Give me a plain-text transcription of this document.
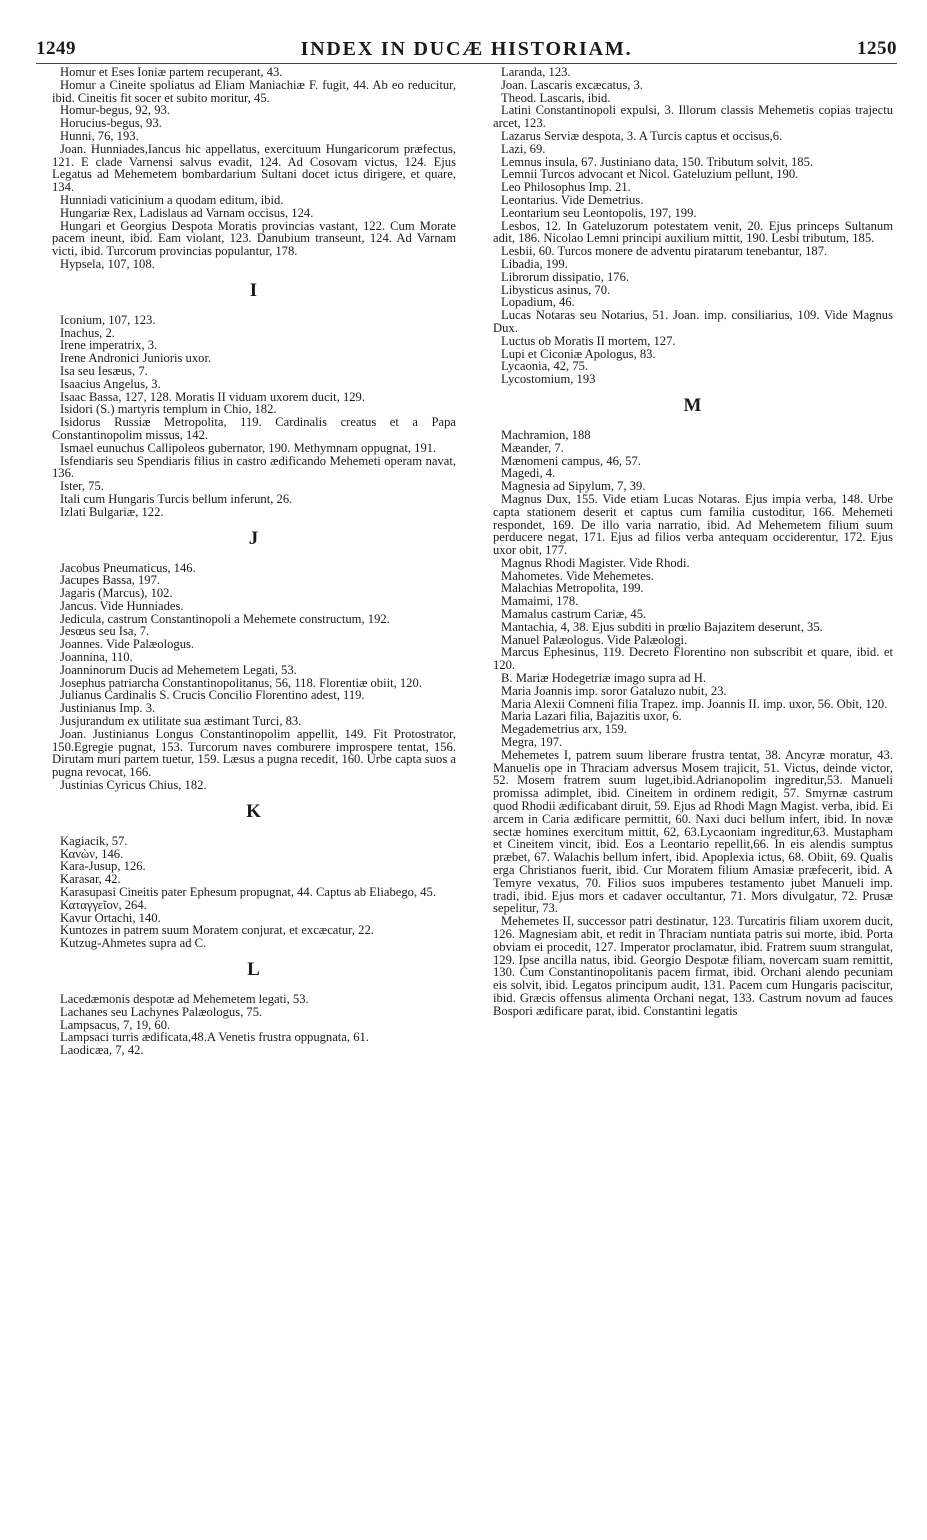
1249	INDEX IN DUCÆ HISTORIAM.	1250
Homur et Eses Ioniæ partem recuperant, 43.
Homur a Cineite spoliatus ad Eliam Maniachiæ F. fugit, 44. Ab eo reducitur, ibid. Cineitis fit socer et subito moritur, 45.
Homur-begus, 92, 93.
Horucius-begus, 93.
Hunni, 76, 193.
Joan. Hunniades,Iancus hic appellatus, exercituum Hungaricorum præfectus, 121. E clade Varnensi salvus evadit, 124. Ad Cosovam victus, 124. Ejus Legatus ad Mehemetem bombardarium Sultani docet ictus dirigere, et quare, 134.
Hunniadi vaticinium a quodam editum, ibid.
Hungariæ Rex, Ladislaus ad Varnam occisus, 124.
Hungari et Georgius Despota Moratis provincias vastant, 122. Cum Morate pacem ineunt, ibid. Eam violant, 123. Danubium transeunt, 124. Ad Varnam victi, ibid. Turcorum provincias populantur, 178.
Hypsela, 107, 108.
I
Iconium, 107, 123.
Inachus, 2.
Irene imperatrix, 3.
Irene Andronici Junioris uxor.
Isa seu Iesæus, 7.
Isaacius Angelus, 3.
Isaac Bassa, 127, 128. Moratis II viduam uxorem ducit, 129.
Isidori (S.) martyris templum in Chio, 182.
Isidorus Russiæ Metropolita, 119. Cardinalis creatus et a Papa Constantinopolim missus, 142.
Ismael eunuchus Callipoleos gubernator, 190. Methymnam oppugnat, 191.
Isfendiaris seu Spendiaris filius in castro ædificando Mehemeti operam navat, 136.
Ister, 75.
Itali cum Hungaris Turcis bellum inferunt, 26.
Izlati Bulgariæ, 122.
J
Jacobus Pneumaticus, 146.
Jacupes Bassa, 197.
Jagaris (Marcus), 102.
Jancus. Vide Hunniades.
Jedicula, castrum Constantinopoli a Mehemete constructum, 192.
Jesœus seu Isa, 7.
Joannes. Vide Palæologus.
Joannina, 110.
Joanninorum Ducis ad Mehemetem Legati, 53.
Josephus patriarcha Constantinopolitanus, 56, 118. Florentiæ obiit, 120.
Julianus Cardinalis S. Crucis Concilio Florentino adest, 119.
Justinianus Imp. 3.
Jusjurandum ex utilitate sua æstimant Turci, 83.
Joan. Justinianus Longus Constantinopolim appellit, 149. Fit Protostrator, 150.Egregie pugnat, 153. Turcorum naves comburere improspere tentat, 156. Dirutam muri partem tuetur, 159. Læsus a pugna recedit, 160. Urbe capta suos a pugna revocat, 166.
Justinias Cyricus Chius, 182.
K
Kagiacik, 57.
Κανὼν, 146.
Kara-Jusup, 126.
Karasar, 42.
Karasupasi Cineitis pater Ephesum propugnat, 44. Captus ab Eliabego, 45.
Καταγγεῖον, 264.
Kavur Ortachi, 140.
Kuntozes in patrem suum Moratem conjurat, et excæcatur, 22.
Kutzug-Ahmetes supra ad C.
L
Lacedæmonis despotæ ad Mehemetem legati, 53.
Lachanes seu Lachynes Palæologus, 75.
Lampsacus, 7, 19, 60.
Lampsaci turris ædificata,48.A Venetis frustra oppugnata, 61.
Laodicæa, 7, 42.
Laranda, 123.
Joan. Lascaris excæcatus, 3.
Theod. Lascaris, ibid.
Latini Constantinopoli expulsi, 3. Illorum classis Mehemetis copias trajectu arcet, 123.
Lazarus Serviæ despota, 3. A Turcis captus et occisus,6.
Lazi, 69.
Lemnus insula, 67. Justiniano data, 150. Tributum solvit, 185.
Lemnii Turcos advocant et Nicol. Gateluzium pellunt, 190.
Leo Philosophus Imp. 21.
Leontarius. Vide Demetrius.
Leontarium seu Leontopolis, 197, 199.
Lesbos, 12. In Gateluzorum potestatem venit, 20. Ejus princeps Sultanum adit, 186. Nicolao Lemni principi auxilium mittit, 190. Lesbi tributum, 185.
Lesbii, 60. Turcos monere de adventu piratarum tenebantur, 187.
Libadia, 199.
Librorum dissipatio, 176.
Libysticus asinus, 70.
Lopadium, 46.
Lucas Notaras seu Notarius, 51. Joan. imp. consiliarius, 109. Vide Magnus Dux.
Luctus ob Moratis II mortem, 127.
Lupi et Ciconiæ Apologus, 83.
Lycaonia, 42, 75.
Lycostomium, 193
M
Machramion, 188
Mæander, 7.
Mænomeni campus, 46, 57.
Magedi, 4.
Magnesia ad Sipylum, 7, 39.
Magnus Dux, 155. Vide etiam Lucas Notaras. Ejus impia verba, 148. Urbe capta stationem deserit et captus cum familia custoditur, 166. Mehemeti respondet, 169. De illo varia narratio, ibid. Ad Mehemetem filium suum perducere negat, 171. Ejus ad filios verba antequam occiderentur, 172. Ejus uxor obit, 177.
Magnus Rhodi Magister. Vide Rhodi.
Mahometes. Vide Mehemetes.
Malachias Metropolita, 199.
Mamaimi, 178.
Mamalus castrum Cariæ, 45.
Mantachia, 4, 38. Ejus subditi in prœlio Bajazitem deserunt, 35.
Manuel Palæologus. Vide Palæologi.
Marcus Ephesinus, 119. Decreto Florentino non subscribit et quare, ibid. et 120.
B. Mariæ Hodegetriæ imago supra ad H.
Maria Joannis imp. soror Gataluzo nubit, 23.
Maria Alexii Comneni filia Trapez. imp. Joannis II. imp. uxor, 56. Obit, 120.
Maria Lazari filia, Bajazitis uxor, 6.
Megademetrius arx, 159.
Megra, 197.
Mehemetes I, patrem suum liberare frustra tentat, 38. Ancyræ moratur, 43. Manuelis ope in Thraciam adversus Mosem trajicit, 51. Victus, deinde victor, 52. Mosem fratrem suum luget,ibid.Adrianopolim ingreditur,53. Manueli promissa adimplet, ibid. Cineitem in ordinem redigit, 57. Smyrnæ castrum quod Rhodii ædificabant diruit, 59. Ejus ad Rhodi Magn Magist. verba, ibid. Ei arcem in Caria ædificare permittit, 60. Naxi duci bellum infert, ibid. In novæ sectæ homines exercitum mittit, 62, 63.Lycaoniam ingreditur,63. Mustapham et Cineitem vincit, ibid. Eos a Leontario repellit,66. In eis alendis sumptus præbet, 67. Walachis bellum infert, ibid. Apoplexia ictus, 68. Obiit, 69. Qualis erga Christianos fuerit, ibid. Cur Moratem filium Amasiæ præfecerit, ibid. A Temyre vexatus, 70. Filios suos impuberes testamento jubet Manueli imp. tradi, ibid. Ejus mors et cadaver occultantur, 71. Mors divulgatur, 72. Prusæ sepelitur, 73.
Mehemetes II, successor patri destinatur, 123. Turcatiris filiam uxorem ducit, 126. Magnesiam abit, et redit in Thraciam nuntiata patris sui morte, ibid. Porta obviam ei procedit, 127. Imperator proclamatur, ibid. Fratrem suum strangulat, 129. Ipse ancilla natus, ibid. Georgio Despotæ filiam, novercam suam remittit, 130. Cum Constantinopolitanis pacem firmat, ibid. Orchani alendo pecuniam eis solvit, ibid. Legatos principum audit, 131. Pacem cum Hungaris paciscitur, ibid. Græcis offensus alimenta Orchani negat, 133. Castrum novum ad fauces Bospori ædificare parat, ibid. Constantini legatis
